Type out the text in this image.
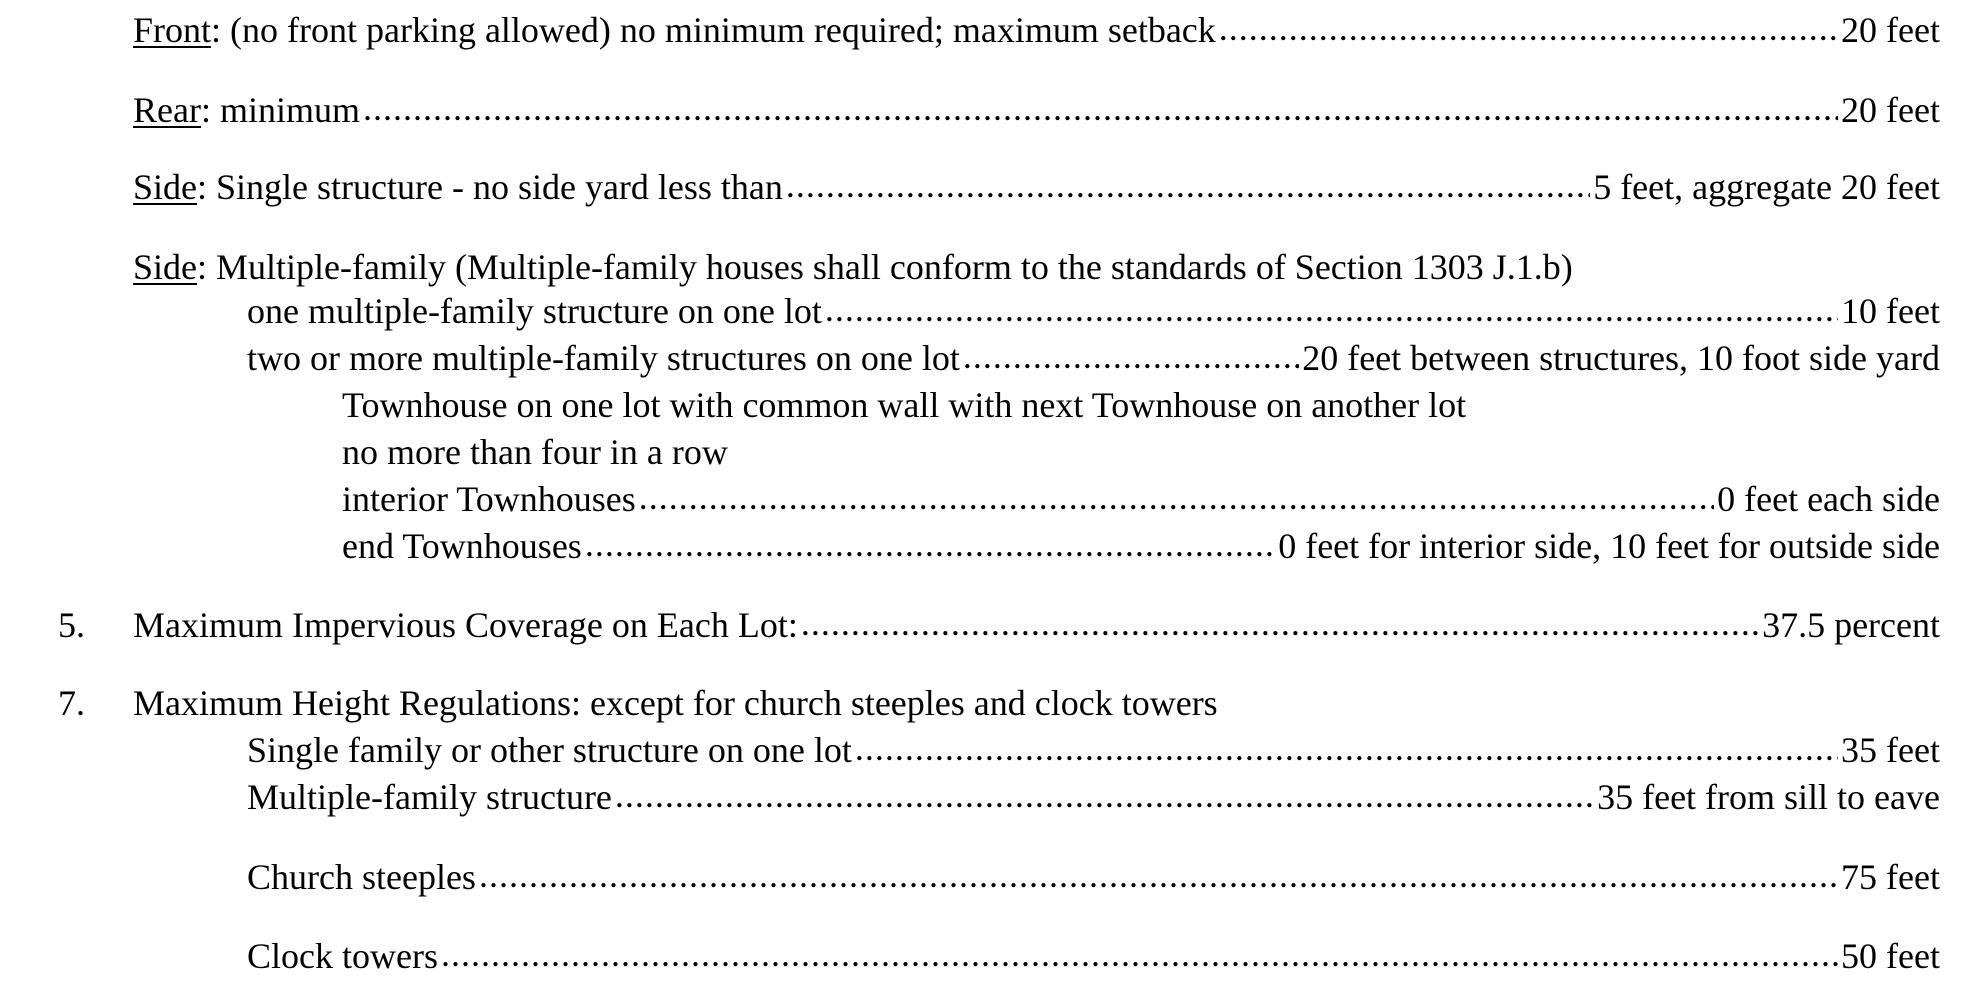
Front : (no front parking allowed) no minimum required; maximum setback .....	20 feet
Rear : minimum .....	20 feet
Side : Single structure - no side yard less than .....	5 feet, aggregate 20 feet
Side: Multiple-family (Multiple-family houses shall conform to the standards of Section 1303 J.1.b)
one multiple-family structure on one lot .....	10 feet
two or more multiple-family structures on one lot .....	20 feet between structures, 10 foot side yard
Townhouse on one lot with common wall with next Townhouse on another lot
no more than four in a row
interior Townhouses .....	0 feet each side
end Townhouses .....	0 feet for interior side, 10 feet for outside side
5. Maximum Impervious Coverage on Each Lot: .....	37.5 percent
7. Maximum Height Regulations: except for church steeples and clock towers
Single family or other structure on one lot .....	35 feet
Multiple-family structure .....	35 feet from sill to eave
Church steeples .....	75 feet
Clock towers .....	50 feet
